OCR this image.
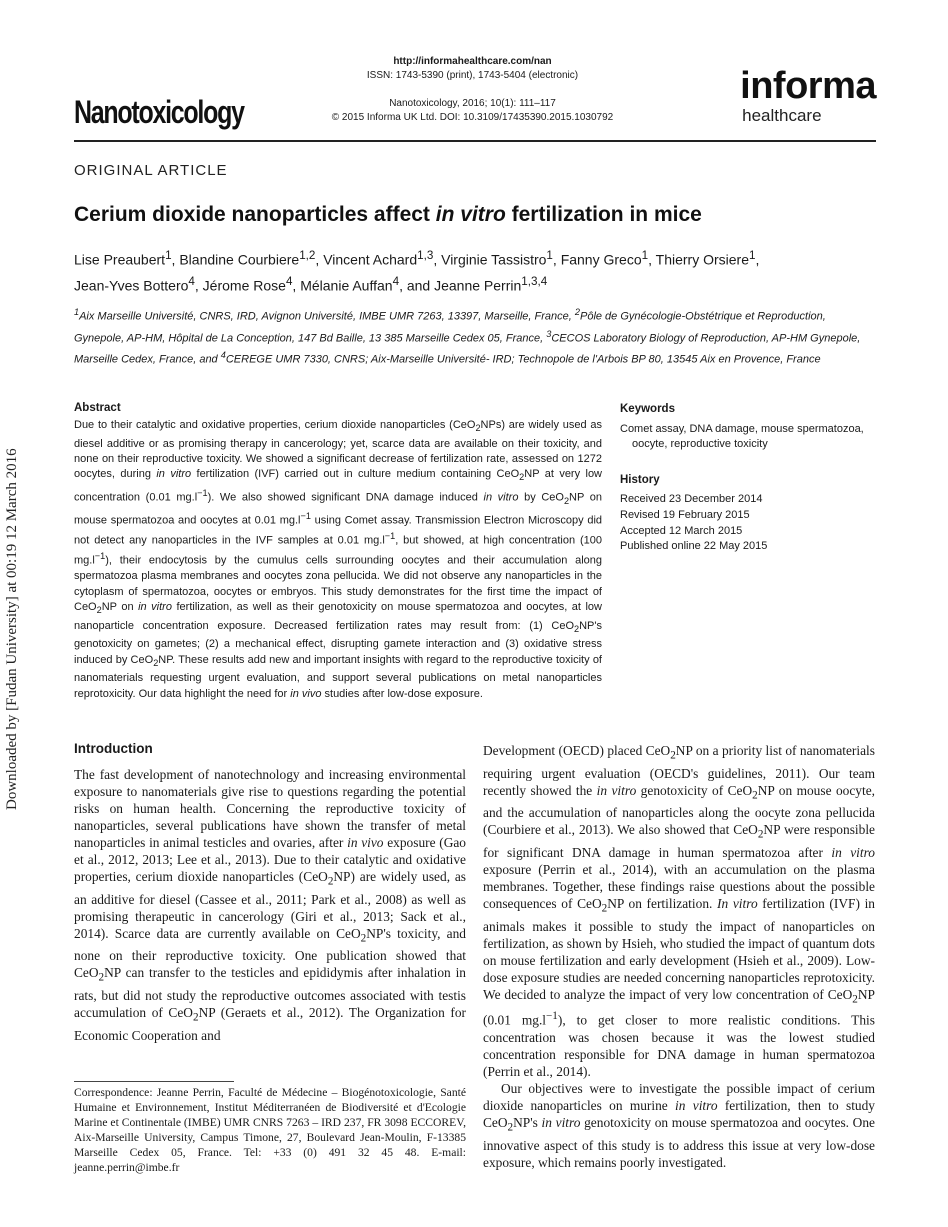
Downloaded by [Fudan University] at 00:19 12 March 2016
Nanotoxicology
http://informahealthcare.com/nan
ISSN: 1743-5390 (print), 1743-5404 (electronic)
Nanotoxicology, 2016; 10(1): 111–117
© 2015 Informa UK Ltd. DOI: 10.3109/17435390.2015.1030792
informa
healthcare
ORIGINAL ARTICLE
Cerium dioxide nanoparticles affect in vitro fertilization in mice
Lise Preaubert$^1$, Blandine Courbiere$^{1,2}$, Vincent Achard$^{1,3}$, Virginie Tassistro$^1$, Fanny Greco$^1$, Thierry Orsiere$^1$,
Jean-Yves Bottero$^4$, Jérome Rose$^4$, Mélanie Auffan$^4$, and Jeanne Perrin$^{1,3,4}$
$^1$Aix Marseille Université, CNRS, IRD, Avignon Université, IMBE UMR 7263, 13397, Marseille, France, $^2$Pôle de Gynécologie-Obstétrique et Reproduction, Gynepole, AP-HM, Hôpital de La Conception, 147 Bd Baille, 13 385 Marseille Cedex 05, France, $^3$CECOS Laboratory Biology of Reproduction, AP-HM Gynepole, Marseille Cedex, France, and $^4$CEREGE UMR 7330, CNRS; Aix-Marseille Université- IRD; Technopole de l'Arbois BP 80, 13545 Aix en Provence, France
Abstract
Due to their catalytic and oxidative properties, cerium dioxide nanoparticles (CeO$_2$NPs) are widely used as diesel additive or as promising therapy in cancerology; yet, scarce data are available on their toxicity, and none on their reproductive toxicity. We showed a significant decrease of fertilization rate, assessed on 1272 oocytes, during in vitro fertilization (IVF) carried out in culture medium containing CeO$_2$NP at very low concentration (0.01 $mg.l^{-1}$). We also showed significant DNA damage induced in vitro by CeO$_2$NP on mouse spermatozoa and oocytes at 0.01 $mg.l^{-1}$ using Comet assay. Transmission Electron Microscopy did not detect any nanoparticles in the IVF samples at 0.01 $mg.l^{-1}$, but showed, at high concentration (100 $mg.l^{-1}$), their endocytosis by the cumulus cells surrounding oocytes and their accumulation along spermatozoa plasma membranes and oocytes zona pellucida. We did not observe any nanoparticles in the cytoplasm of spermatozoa, oocytes or embryos. This study demonstrates for the first time the impact of CeO$_2$NP on in vitro fertilization, as well as their genotoxicity on mouse spermatozoa and oocytes, at low nanoparticle concentration exposure. Decreased fertilization rates may result from: (1) CeO$_2$NP's genotoxicity on gametes; (2) a mechanical effect, disrupting gamete interaction and (3) oxidative stress induced by CeO$_2$NP. These results add new and important insights with regard to the reproductive toxicity of nanomaterials requesting urgent evaluation, and support several publications on metal nanoparticles reprotoxicity. Our data highlight the need for in vivo studies after low-dose exposure.
Keywords
Comet assay, DNA damage, mouse spermatozoa, oocyte, reproductive toxicity
History
Received 23 December 2014
Revised 19 February 2015
Accepted 12 March 2015
Published online 22 May 2015
Introduction
The fast development of nanotechnology and increasing environmental exposure to nanomaterials give rise to questions regarding the potential risks on human health. Concerning the reproductive toxicity of nanoparticles, several publications have shown the transfer of metal nanoparticles in animal testicles and ovaries, after in vivo exposure (Gao et al., 2012, 2013; Lee et al., 2013). Due to their catalytic and oxidative properties, cerium dioxide nanoparticles (CeO$_2$NP) are widely used, as an additive for diesel (Cassee et al., 2011; Park et al., 2008) as well as promising therapeutic in cancerology (Giri et al., 2013; Sack et al., 2014). Scarce data are currently available on CeO$_2$NP's toxicity, and none on their reproductive toxicity. One publication showed that CeO$_2$NP can transfer to the testicles and epididymis after inhalation in rats, but did not study the reproductive outcomes associated with testis accumulation of CeO$_2$NP (Geraets et al., 2012). The Organization for Economic Cooperation and

Development (OECD) placed CeO$_2$NP on a priority list of nanomaterials requiring urgent evaluation (OECD's guidelines, 2011). Our team recently showed the in vitro genotoxicity of CeO$_2$NP on mouse oocyte, and the accumulation of nanoparticles along the oocyte zona pellucida (Courbiere et al., 2013). We also showed that CeO$_2$NP were responsible for significant DNA damage in human spermatozoa after in vitro exposure (Perrin et al., 2014), with an accumulation on the plasma membranes. Together, these findings raise questions about the possible consequences of CeO$_2$NP on fertilization. In vitro fertilization (IVF) in animals makes it possible to study the impact of nanoparticles on fertilization, as shown by Hsieh, who studied the impact of quantum dots on mouse fertilization and early development (Hsieh et al., 2009). Low-dose exposure studies are needed concerning nanoparticles reprotoxicity. We decided to analyze the impact of very low concentration of CeO$_2$NP (0.01 $mg.l^{-1}$), to get closer to more realistic conditions. This concentration was chosen because it was the lowest studied concentration responsible for DNA damage in human spermatozoa (Perrin et al., 2014).

Our objectives were to investigate the possible impact of cerium dioxide nanoparticles on murine in vitro fertilization, then to study CeO$_2$NP's in vitro genotoxicity on mouse spermatozoa and oocytes. One innovative aspect of this study is to address this issue at very low-dose exposure, which remains poorly investigated.

Correspondence: Jeanne Perrin, Faculté de Médecine – Biogénotoxicologie, Santé Humaine et Environnement, Institut Méditerranéen de Biodiversité et d'Ecologie Marine et Continentale (IMBE) UMR CNRS 7263 – IRD 237, FR 3098 ECCOREV, Aix-Marseille University, Campus Timone, 27, Boulevard Jean-Moulin, F-13385 Marseille Cedex 05, France. Tel: +33 (0) 491 32 45 48. E-mail: jeanne.perrin@imbe.fr
